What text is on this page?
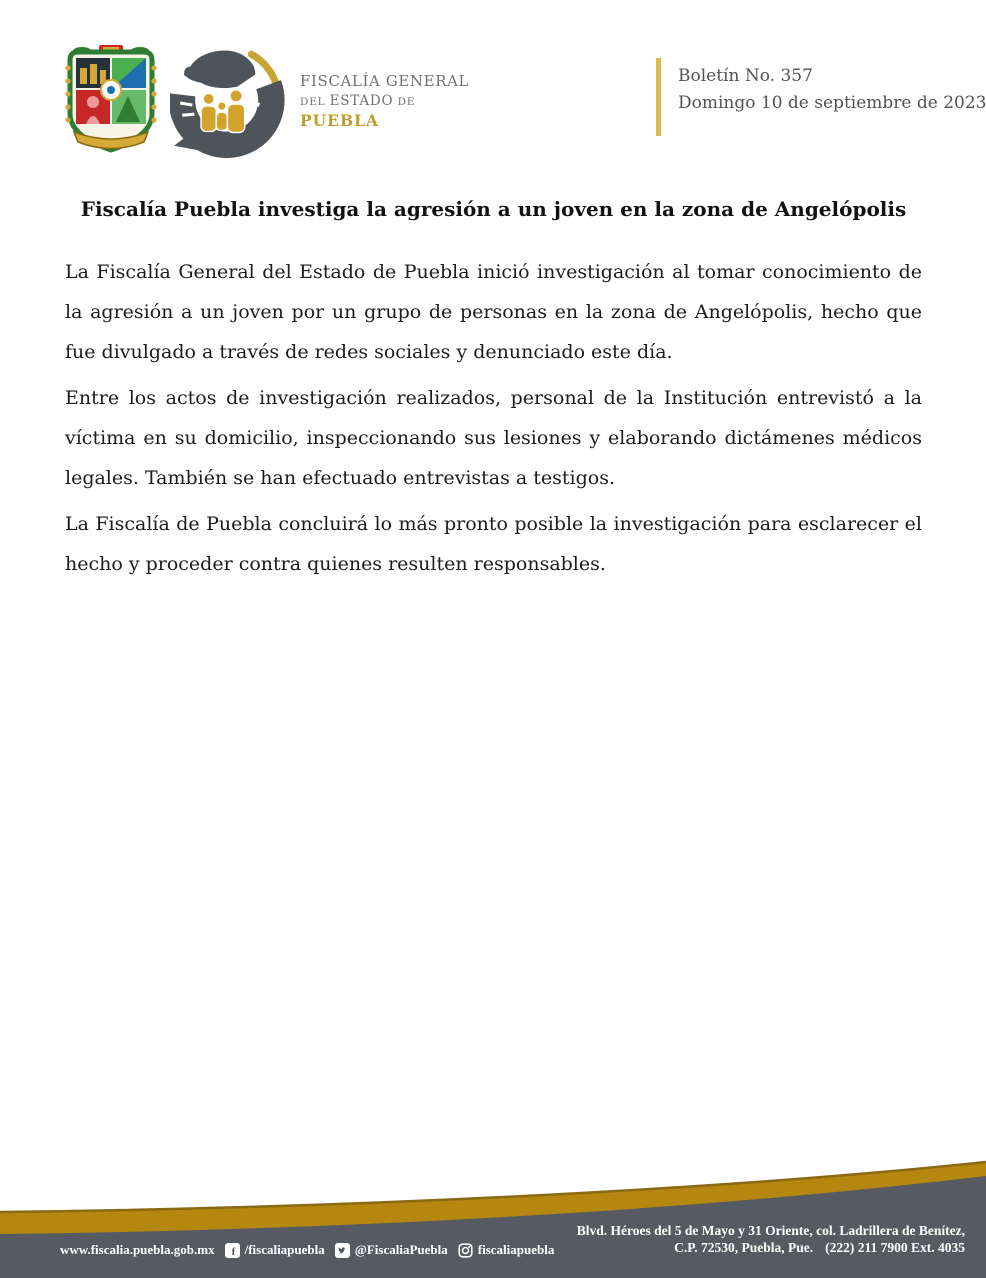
FISCALÍA GENERAL
DEL ESTADO DE
PUEBLA
Boletín No. 357
Domingo 10 de septiembre de 2023
Fiscalía Puebla investiga la agresión a un joven en la zona de Angelópolis

La Fiscalía General del Estado de Puebla inició investigación al tomar conocimiento de la agresión a un joven por un grupo de personas en la zona de Angelópolis, hecho que fue divulgado a través de redes sociales y denunciado este día.

Entre los actos de investigación realizados, personal de la Institución entrevistó a la víctima en su domicilio, inspeccionando sus lesiones y elaborando dictámenes médicos legales. También se han efectuado entrevistas a testigos.

La Fiscalía de Puebla concluirá lo más pronto posible la investigación para esclarecer el hecho y proceder contra quienes resulten responsables.

www.fiscalia.puebla.gob.mx f /fiscaliapuebla @FiscaliaPuebla fiscaliapuebla
Blvd. Héroes del 5 de Mayo y 31 Oriente, col. Ladrillera de Benítez,
C.P. 72530, Puebla, Pue. (222) 211 7900 Ext. 4035
